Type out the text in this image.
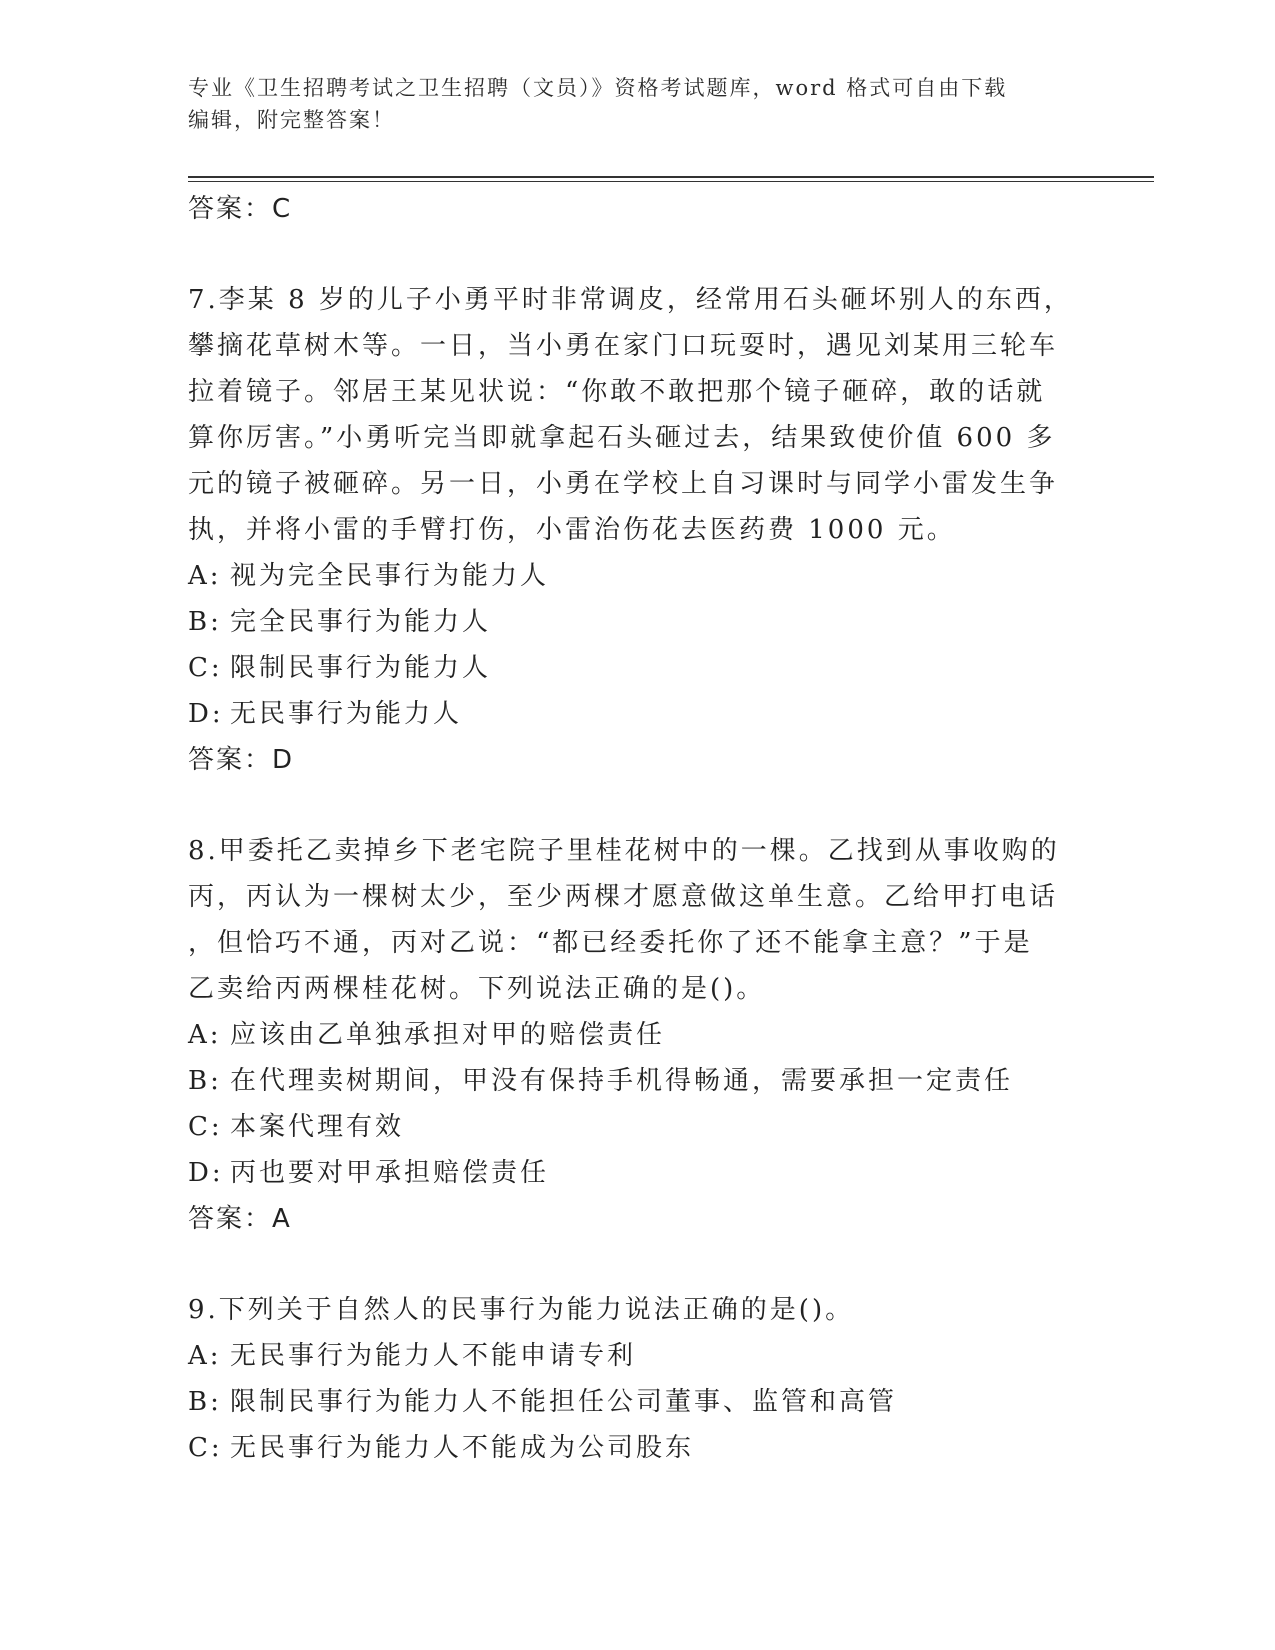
专业《卫生招聘考试之卫生招聘（文员）》资格考试题库，word 格式可自由下载
编辑，附完整答案！
答案：C
7.李某 8 岁的儿子小勇平时非常调皮，经常用石头砸坏别人的东西，
攀摘花草树木等。一日，当小勇在家门口玩耍时，遇见刘某用三轮车
拉着镜子。邻居王某见状说：“你敢不敢把那个镜子砸碎，敢的话就
算你厉害。”小勇听完当即就拿起石头砸过去，结果致使价值 600 多
元的镜子被砸碎。另一日，小勇在学校上自习课时与同学小雷发生争
执，并将小雷的手臂打伤，小雷治伤花去医药费 1000 元。
A: 视为完全民事行为能力人
B: 完全民事行为能力人
C: 限制民事行为能力人
D: 无民事行为能力人
答案：D
8.甲委托乙卖掉乡下老宅院子里桂花树中的一棵。乙找到从事收购的
丙，丙认为一棵树太少，至少两棵才愿意做这单生意。乙给甲打电话
，但恰巧不通，丙对乙说：“都已经委托你了还不能拿主意？”于是
乙卖给丙两棵桂花树。下列说法正确的是()。
A: 应该由乙单独承担对甲的赔偿责任
B: 在代理卖树期间，甲没有保持手机得畅通，需要承担一定责任
C: 本案代理有效
D: 丙也要对甲承担赔偿责任
答案：A
9.下列关于自然人的民事行为能力说法正确的是()。
A: 无民事行为能力人不能申请专利
B: 限制民事行为能力人不能担任公司董事、监管和高管
C: 无民事行为能力人不能成为公司股东
